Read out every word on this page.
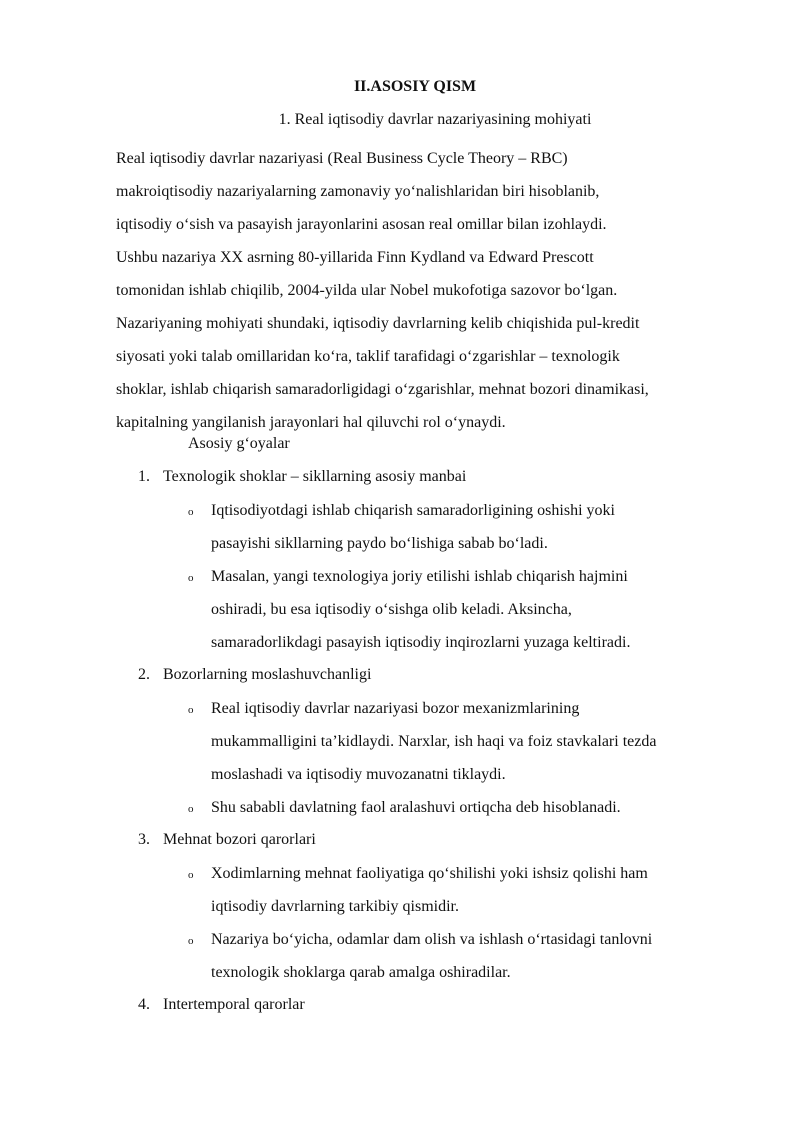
II.ASOSIY QISM
1. Real iqtisodiy davrlar nazariyasining mohiyati

Real iqtisodiy davrlar nazariyasi (Real Business Cycle Theory – RBC)
makroiqtisodiy nazariyalarning zamonaviy yo‘nalishlaridan biri hisoblanib,
iqtisodiy o‘sish va pasayish jarayonlarini asosan real omillar bilan izohlaydi.
Ushbu nazariya XX asrning 80-yillarida Finn Kydland va Edward Prescott
tomonidan ishlab chiqilib, 2004-yilda ular Nobel mukofotiga sazovor bo‘lgan.
Nazariyaning mohiyati shundaki, iqtisodiy davrlarning kelib chiqishida pul-kredit
siyosati yoki talab omillaridan ko‘ra, taklif tarafidagi o‘zgarishlar – texnologik
shoklar, ishlab chiqarish samaradorligidagi o‘zgarishlar, mehnat bozori dinamikasi,
kapitalning yangilanish jarayonlari hal qiluvchi rol o‘ynaydi.

Asosiy g‘oyalar
1. Texnologik shoklar – sikllarning asosiy manbai
o Iqtisodiyotdagi ishlab chiqarish samaradorligining oshishi yoki
pasayishi sikllarning paydo bo‘lishiga sabab bo‘ladi.
o Masalan, yangi texnologiya joriy etilishi ishlab chiqarish hajmini
oshiradi, bu esa iqtisodiy o‘sishga olib keladi. Aksincha,
samaradorlikdagi pasayish iqtisodiy inqirozlarni yuzaga keltiradi.
2. Bozorlarning moslashuvchanligi
o Real iqtisodiy davrlar nazariyasi bozor mexanizmlarining
mukammalligini ta’kidlaydi. Narxlar, ish haqi va foiz stavkalari tezda
moslashadi va iqtisodiy muvozanatni tiklaydi.
o Shu sababli davlatning faol aralashuvi ortiqcha deb hisoblanadi.
3. Mehnat bozori qarorlari
o Xodimlarning mehnat faoliyatiga qo‘shilishi yoki ishsiz qolishi ham
iqtisodiy davrlarning tarkibiy qismidir.
o Nazariya bo‘yicha, odamlar dam olish va ishlash o‘rtasidagi tanlovni
texnologik shoklarga qarab amalga oshiradilar.
4. Intertemporal qarorlar
